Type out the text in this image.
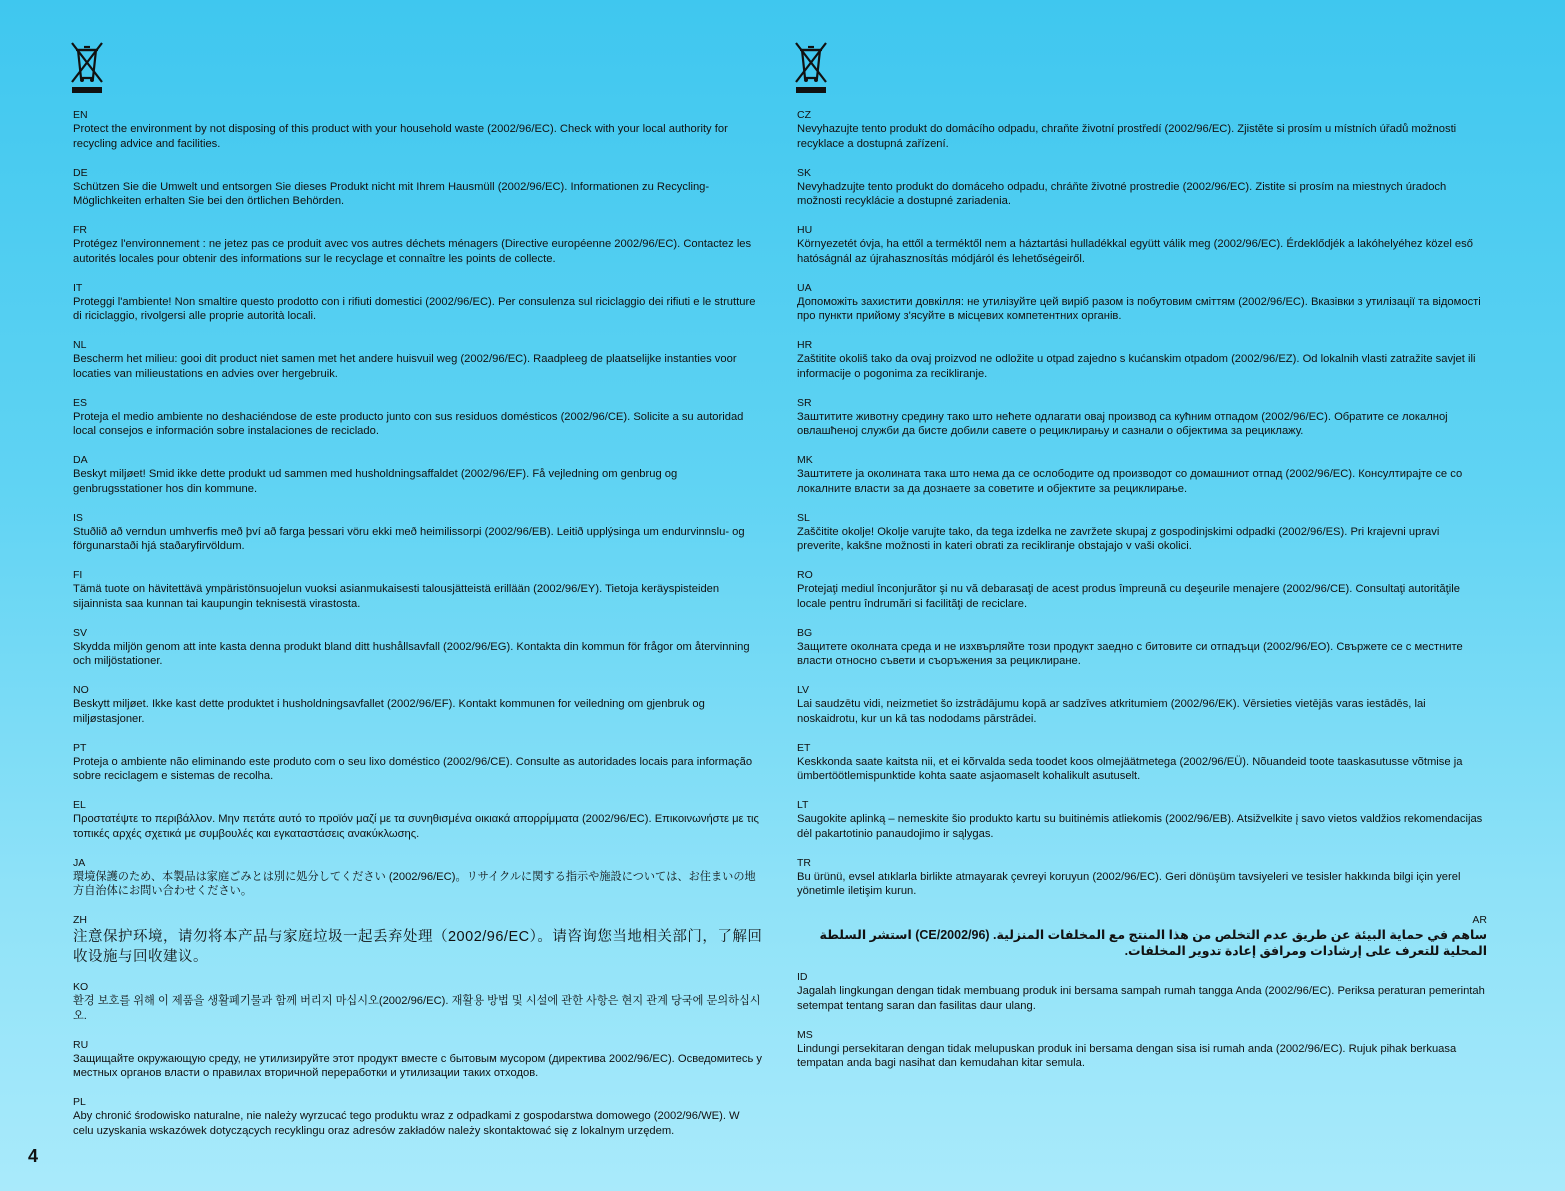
EN
Protect the environment by not disposing of this product with your household waste (2002/96/EC). Check with your local authority for recycling advice and facilities.
DE
Schützen Sie die Umwelt und entsorgen Sie dieses Produkt nicht mit Ihrem Hausmüll (2002/96/EC). Informationen zu Recycling-Möglichkeiten erhalten Sie bei den örtlichen Behörden.
FR
Protégez l'environnement : ne jetez pas ce produit avec vos autres déchets ménagers (Directive européenne 2002/96/EC). Contactez les autorités locales pour obtenir des informations sur le recyclage et connaître les points de collecte.
IT
Proteggi l'ambiente! Non smaltire questo prodotto con i rifiuti domestici (2002/96/EC). Per consulenza sul riciclaggio dei rifiuti e le strutture di riciclaggio, rivolgersi alle proprie autorità locali.
NL
Bescherm het milieu: gooi dit product niet samen met het andere huisvuil weg (2002/96/EC). Raadpleeg de plaatselijke instanties voor locaties van milieustations en advies over hergebruik.
ES
Proteja el medio ambiente no deshaciéndose de este producto junto con sus residuos domésticos (2002/96/CE). Solicite a su autoridad local consejos e información sobre instalaciones de reciclado.
DA
Beskyt miljøet! Smid ikke dette produkt ud sammen med husholdningsaffaldet (2002/96/EF). Få vejledning om genbrug og genbrugsstationer hos din kommune.
IS
Stuðlið að verndun umhverfis með því að farga þessari vöru ekki með heimilissorpi (2002/96/EB). Leitið upplýsinga um endurvinnslu- og förgunarstaði hjá staðaryfirvöldum.
FI
Tämä tuote on hävitettävä ympäristönsuojelun vuoksi asianmukaisesti talousjätteistä erillään (2002/96/EY). Tietoja keräyspisteiden sijainnista saa kunnan tai kaupungin teknisestä virastosta.
SV
Skydda miljön genom att inte kasta denna produkt bland ditt hushållsavfall (2002/96/EG). Kontakta din kommun för frågor om återvinning och miljöstationer.
NO
Beskytt miljøet. Ikke kast dette produktet i husholdningsavfallet (2002/96/EF). Kontakt kommunen for veiledning om gjenbruk og miljøstasjoner.
PT
Proteja o ambiente não eliminando este produto com o seu lixo doméstico (2002/96/CE). Consulte as autoridades locais para informação sobre reciclagem e sistemas de recolha.
EL
Προστατέψτε το περιβάλλον. Μην πετάτε αυτό το προϊόν μαζί με τα συνηθισμένα οικιακά απορρίμματα (2002/96/ΕC). Επικοινωνήστε με τις τοπικές αρχές σχετικά με συμβουλές και εγκαταστάσεις ανακύκλωσης.
JA
環境保護のため、本製品は家庭ごみとは別に処分してください (2002/96/EC)。リサイクルに関する指示や施設については、お住まいの地方自治体にお問い合わせください。
ZH
注意保护环境，请勿将本产品与家庭垃圾一起丢弃处理（2002/96/EC）。请咨询您当地相关部门，了解回收设施与回收建议。
KO
환경 보호를 위해 이 제품을 생활폐기물과 함께 버리지 마십시오(2002/96/EC). 재활용 방법 및 시설에 관한 사항은 현지 관계 당국에 문의하십시오.
RU
Защищайте окружающую среду, не утилизируйте этот продукт вместе с бытовым мусором (директива 2002/96/EC). Осведомитесь у местных органов власти о правилах вторичной переработки и утилизации таких отходов.
PL
Aby chronić środowisko naturalne, nie należy wyrzucać tego produktu wraz z odpadkami z gospodarstwa domowego (2002/96/WE). W celu uzyskania wskazówek dotyczących recyklingu oraz adresów zakładów należy skontaktować się z lokalnym urzędem.
CZ
Nevyhazujte tento produkt do domácího odpadu, chraňte životní prostředí (2002/96/EC). Zjistěte si prosím u místních úřadů možnosti recyklace a dostupná zařízení.
SK
Nevyhadzujte tento produkt do domáceho odpadu, chráňte životné prostredie (2002/96/EC). Zistite si prosím na miestnych úradoch možnosti recyklácie a dostupné zariadenia.
HU
Környezetét óvja, ha ettől a terméktől nem a háztartási hulladékkal együtt válik meg (2002/96/EC). Érdeklődjék a lakóhelyéhez közel eső hatóságnál az újrahasznosítás módjáról és lehetőségeiről.
UA
Допоможіть захистити довкілля: не утилізуйте цей виріб разом із побутовим сміттям (2002/96/EC). Вказівки з утилізації та відомості про пункти прийому з'ясуйте в місцевих компетентних органів.
HR
Zaštitite okoliš tako da ovaj proizvod ne odložite u otpad zajedno s kućanskim otpadom (2002/96/EZ). Od lokalnih vlasti zatražite savjet ili informacije o pogonima za recikliranje.
SR
Заштитите животну средину тако што нећете одлагати овај производ са кућним отпадом (2002/96/EC). Обратите се локалној овлашћеној служби да бисте добили савете о рециклирању и сазнали о објектима за рециклажу.
MK
Заштитете ја околината така што нема да се ослободите од производот со домашниот отпад (2002/96/EC). Консултирајте се со локалните власти за да дознаете за советите и објектите за рециклирање.
SL
Zaščitite okolje! Okolje varujte tako, da tega izdelka ne zavržete skupaj z gospodinjskimi odpadki (2002/96/ES). Pri krajevni upravi preverite, kakšne možnosti in kateri obrati za recikliranje obstajajo v vaši okolici.
RO
Protejaţi mediul înconjurător şi nu vă debarasaţi de acest produs împreună cu deşeurile menajere (2002/96/CE). Consultaţi autorităţile locale pentru îndrumări si facilităţi de reciclare.
BG
Защитете околната среда и не изхвърляйте този продукт заедно с битовите си отпадъци (2002/96/ЕО). Свържете се с местните власти относно съвети и съоръжения за рециклиране.
LV
Lai saudzētu vidi, neizmetiet šo izstrādājumu kopā ar sadzīves atkritumiem (2002/96/EK). Vērsieties vietējās varas iestādēs, lai noskaidrotu, kur un kā tas nododams pārstrādei.
ET
Keskkonda saate kaitsta nii, et ei kõrvalda seda toodet koos olmejäätmetega (2002/96/EÜ). Nõuandeid toote taaskasutusse võtmise ja ümbertöötlemispunktide kohta saate asjaomaselt kohalikult asutuselt.
LT
Saugokite aplinką – nemeskite šio produkto kartu su buitinėmis atliekomis (2002/96/EB). Atsižvelkite į savo vietos valdžios rekomendacijas dėl pakartotinio panaudojimo ir sąlygas.
TR
Bu ürünü, evsel atıklarla birlikte atmayarak çevreyi koruyun (2002/96/EC). Geri dönüşüm tavsiyeleri ve tesisler hakkında bilgi için yerel yönetimle iletişim kurun.
AR
ساهم في حماية البيئة عن طريق عدم التخلص من هذا المنتج مع المخلفات المنزلية. (CE/2002/96) استشر السلطة المحلية للتعرف على إرشادات ومرافق إعادة تدوير المخلفات.
ID
Jagalah lingkungan dengan tidak membuang produk ini bersama sampah rumah tangga Anda (2002/96/EC). Periksa peraturan pemerintah setempat tentang saran dan fasilitas daur ulang.
MS
Lindungi persekitaran dengan tidak melupuskan produk ini bersama dengan sisa isi rumah anda (2002/96/EC). Rujuk pihak berkuasa tempatan anda bagi nasihat dan kemudahan kitar semula.
4
